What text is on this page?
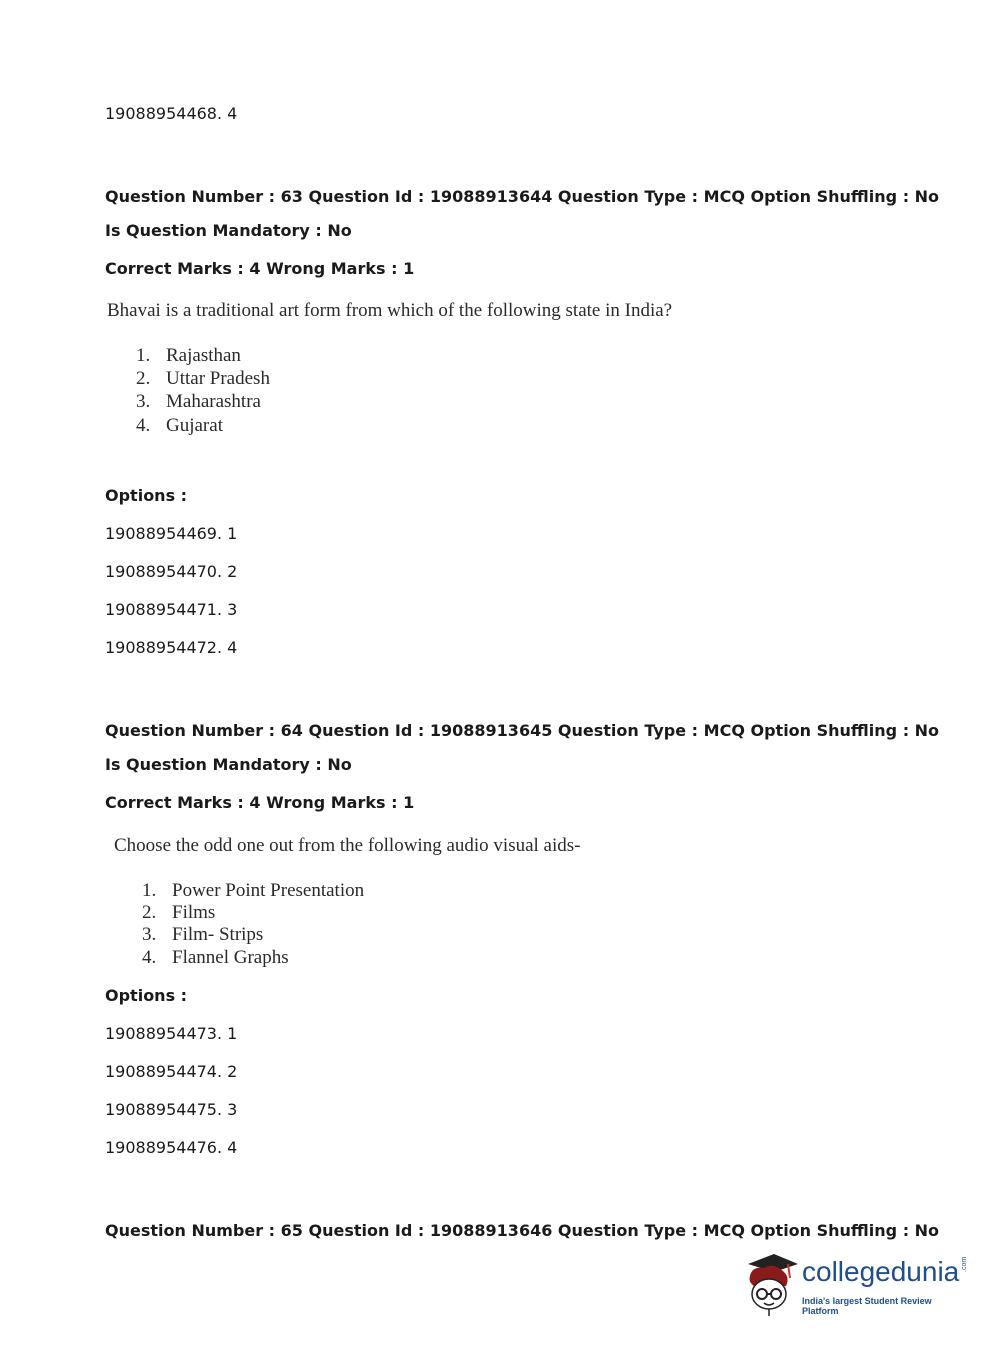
19088954468. 4
Question Number : 63 Question Id : 19088913644 Question Type : MCQ Option Shuffling : No
Is Question Mandatory : No
Correct Marks : 4 Wrong Marks : 1
Bhavai is a traditional art form from which of the following state in India?
1. Rajasthan
2. Uttar Pradesh
3. Maharashtra
4. Gujarat
Options :
19088954469. 1
19088954470. 2
19088954471. 3
19088954472. 4
Question Number : 64 Question Id : 19088913645 Question Type : MCQ Option Shuffling : No
Is Question Mandatory : No
Correct Marks : 4 Wrong Marks : 1
Choose the odd one out from the following audio visual aids-
1. Power Point Presentation
2. Films
3. Film- Strips
4. Flannel Graphs
Options :
19088954473. 1
19088954474. 2
19088954475. 3
19088954476. 4
Question Number : 65 Question Id : 19088913646 Question Type : MCQ Option Shuffling : No
collegedunia .com
India's largest Student Review Platform
